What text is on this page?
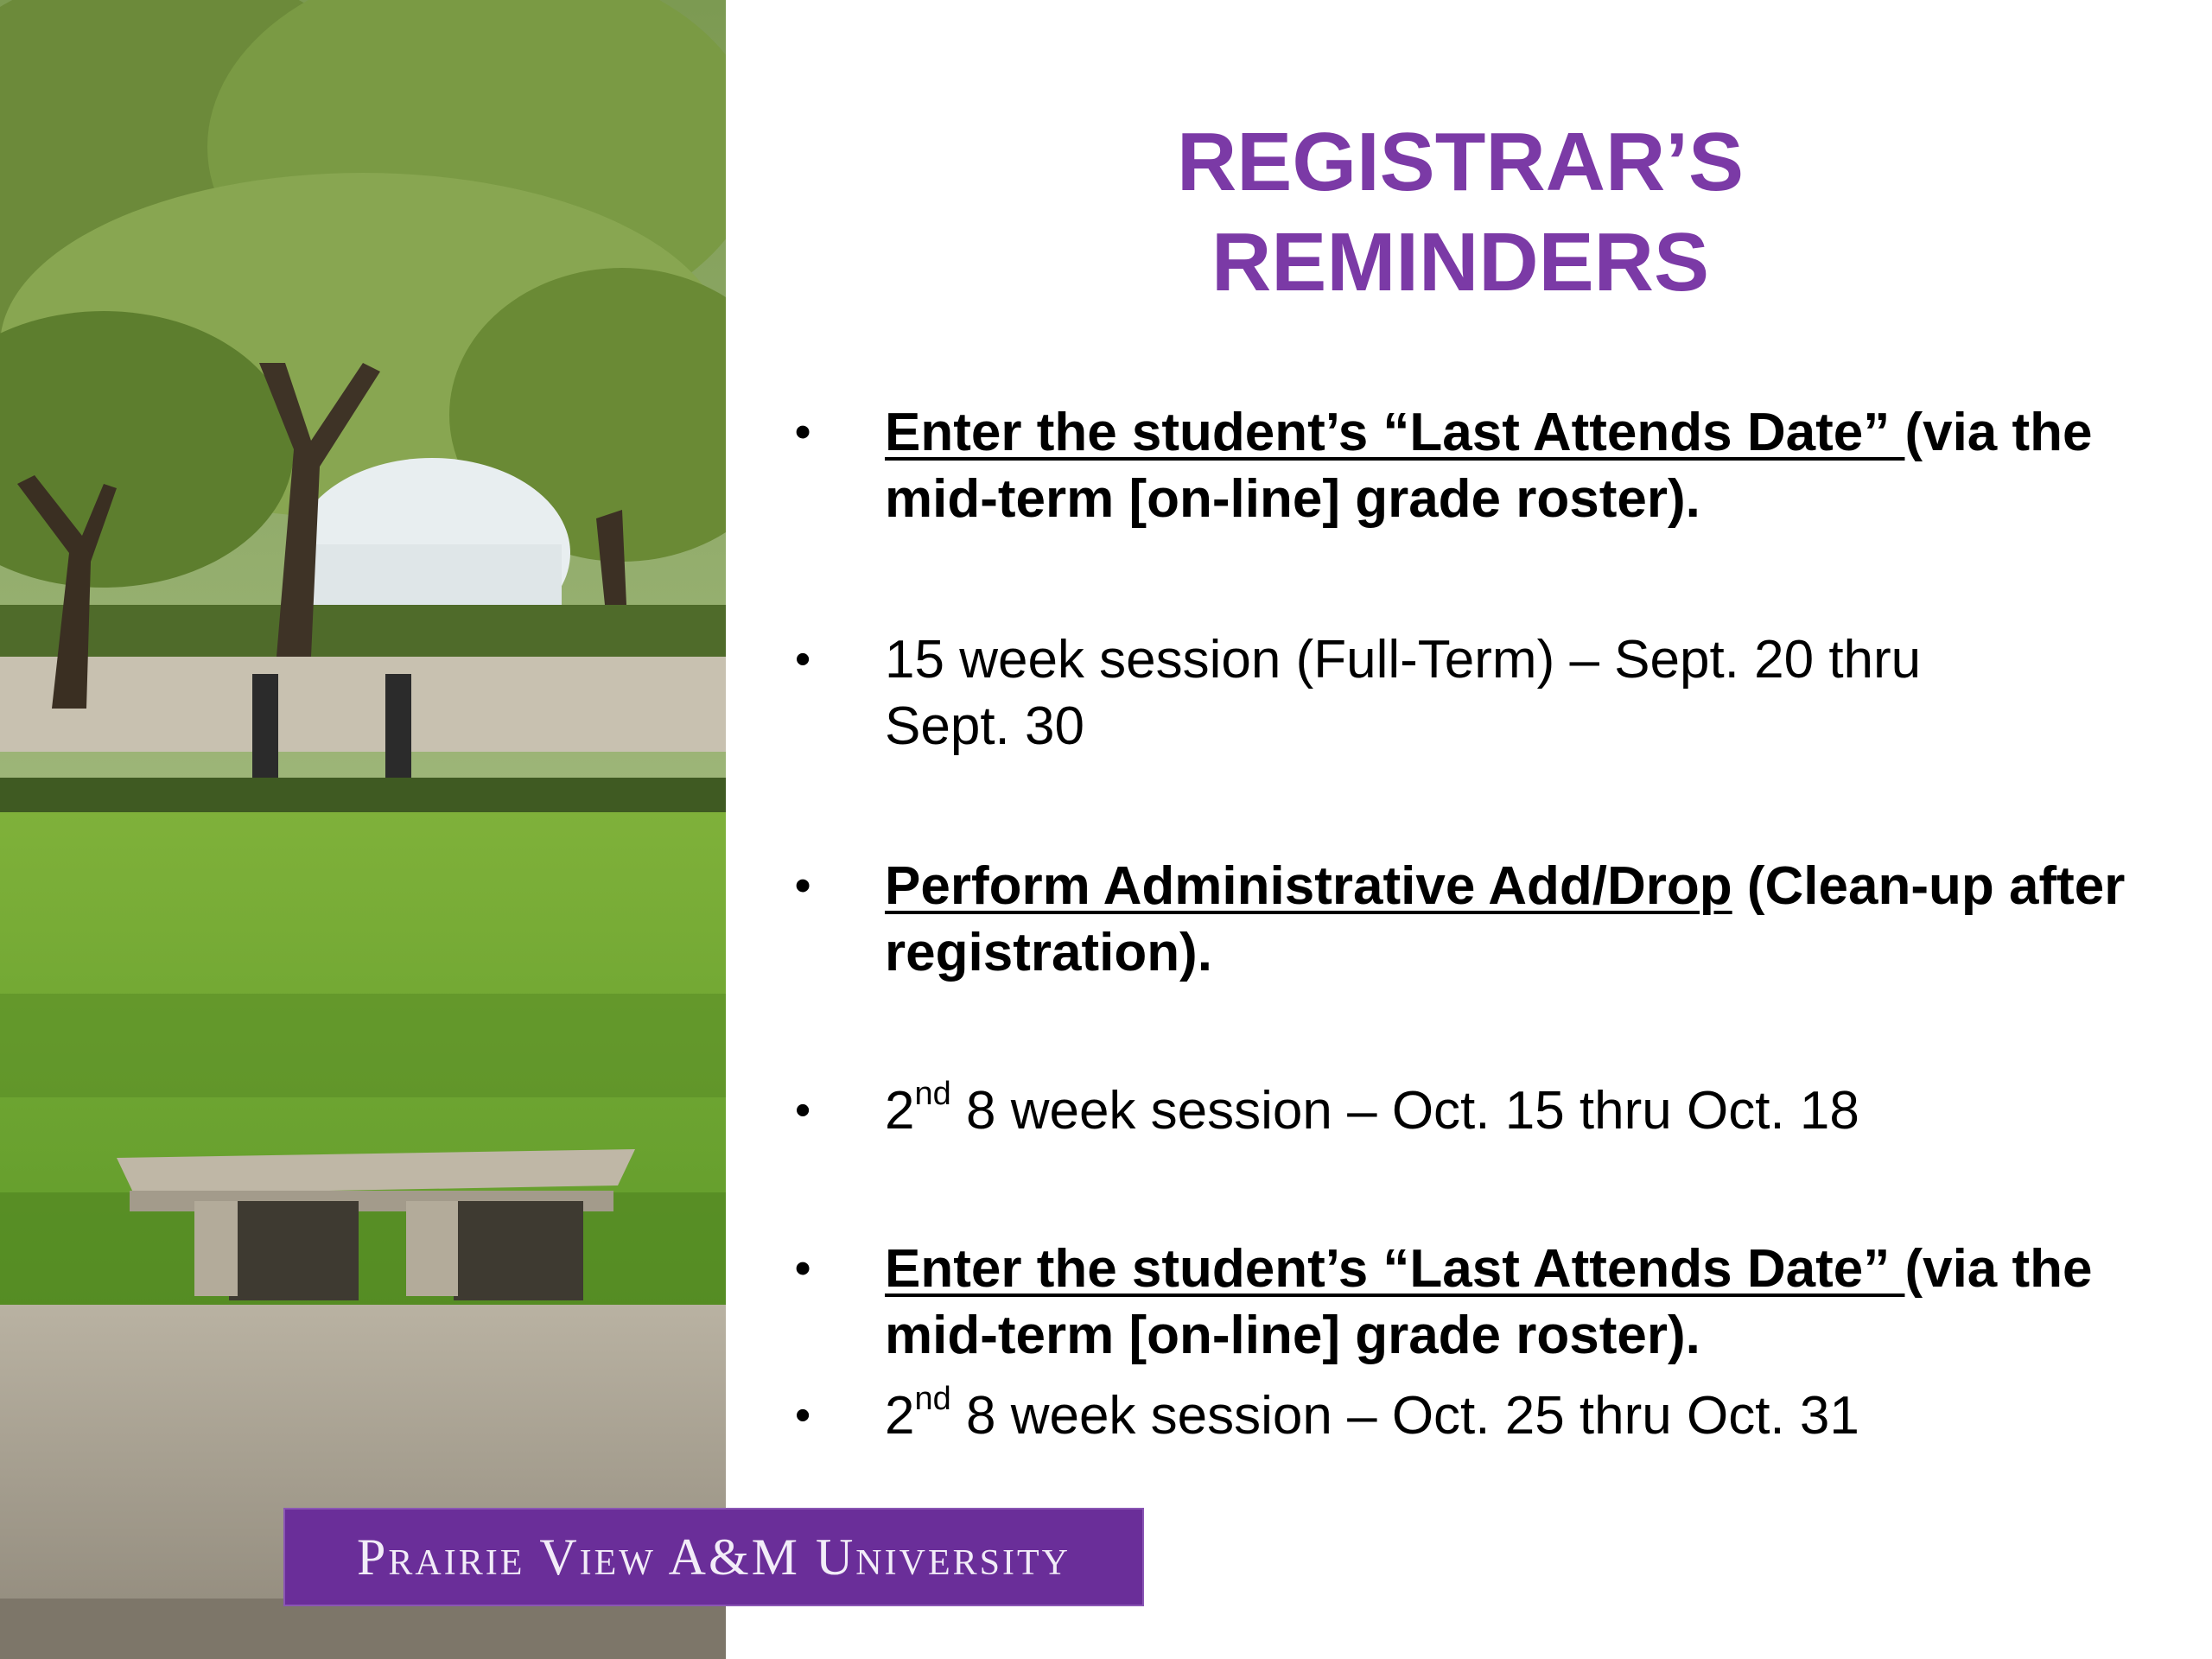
REGISTRAR’S
REMINDERS
•	Enter the student’s “Last Attends Date” (via the mid-term [on-line] grade roster).
•	15 week session (Full-Term) – Sept. 20 thru Sept. 30
•	Perform Administrative Add/Drop (Clean-up after registration).
•	2nd 8 week session – Oct. 15 thru Oct. 18
•	Enter the student’s “Last Attends Date” (via the mid-term [on-line] grade roster).
•	2nd 8 week session – Oct. 25 thru Oct. 31
Prairie View A&M University
